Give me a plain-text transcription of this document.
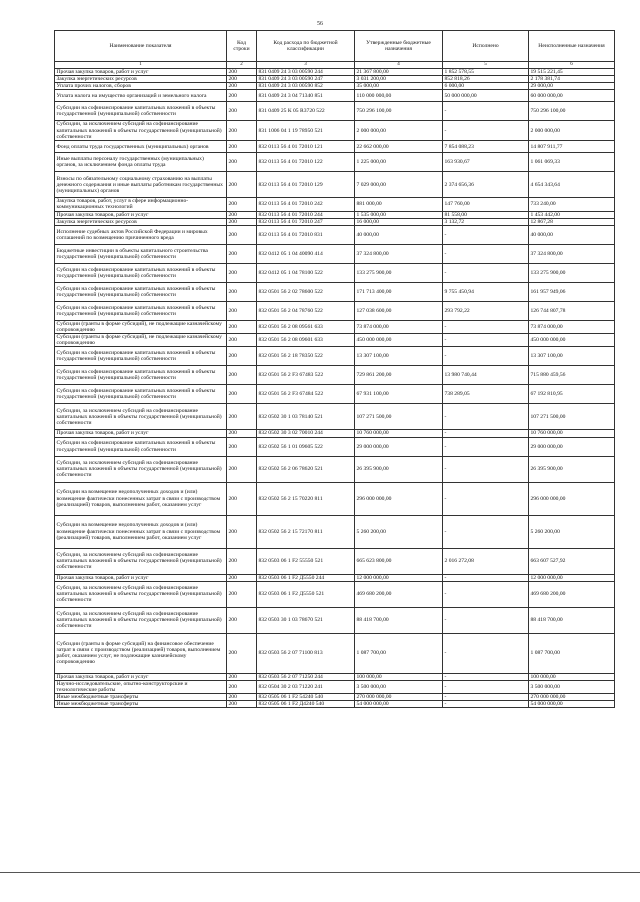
56
Наименование показателя	Код строки	Код расхода по бюджетной классификации	Утвержденные бюджетные назначения	Исполнено	Неисполненные назначения
1	2	3	4	5	6
Прочая закупка товаров, работ и услуг	200	831 0409 24 3 03 00590 244	21 367 800,00	1 852 578,55	19 515 221,45
Закупка энергетических ресурсов	200	831 0409 24 3 03 00590 247	3 031 200,00	852 818,26	2 178 381,74
Уплата прочих налогов, сборов	200	831 0409 24 3 03 00590 852	35 000,00	6 000,00	29 000,00
Уплата налога на имущество организаций и земельного налога	200	831 0409 24 3 04 71340 851	110 000 000,00	50 000 000,00	60 000 000,00
Субсидии на софинансирование капитальных вложений в объекты государственной (муниципальной) собственности	200	831 0409 25 К 05 R3720 522	750 296 100,00	-	750 296 100,00
Субсидии, за исключением субсидий на софинансирование капитальных вложений в объекты государственной (муниципальной) собственности	200	831 1006 04 1 19 78950 521	2 000 000,00	-	2 000 000,00
Фонд оплаты труда государственных (муниципальных) органов	200	832 0113 56 4 01 72010 121	22 662 000,00	7 854 088,23	14 807 911,77
Иные выплаты персоналу государственных (муниципальных) органов, за исключением фонда оплаты труда	200	832 0113 56 4 01 72010 122	1 225 000,00	163 930,67	1 061 069,33
Взносы по обязательному социальному страхованию на выплаты денежного содержания и иные выплаты работникам государственных (муниципальных) органов	200	832 0113 56 4 01 72010 129	7 029 000,00	2 374 656,36	4 654 343,64
Закупка товаров, работ, услуг в сфере информационно-коммуникационных технологий	200	832 0113 56 4 01 72010 242	881 000,00	147 760,00	733 240,00
Прочая закупка товаров, работ и услуг	200	832 0113 56 4 01 72010 244	1 535 000,00	81 558,00	1 453 442,00
Закупка энергетических ресурсов	200	832 0113 56 4 01 72010 247	16 000,00	3 132,72	12 867,28
Исполнение судебных актов Российской Федерации и мировых соглашений по возмещению причиненного вреда	200	832 0113 56 4 01 72010 831	40 000,00	-	40 000,00
Бюджетные инвестиции в объекты капитального строительства государственной (муниципальной) собственности	200	832 0412 05 1 04 40090 414	37 324 800,00	-	37 324 800,00
Субсидии на софинансирование капитальных вложений в объекты государственной (муниципальной) собственности	200	832 0412 05 1 04 78100 522	133 275 900,00	-	133 275 900,00
Субсидии на софинансирование капитальных вложений в объекты государственной (муниципальной) собственности	200	832 0501 56 2 02 78600 522	171 713 400,00	9 755 450,94	161 957 949,06
Субсидии на софинансирование капитальных вложений в объекты государственной (муниципальной) собственности	200	832 0501 56 2 04 78760 522	127 038 600,00	293 792,22	126 744 807,78
Субсидии (гранты в форме субсидий), не подлежащие казначейскому сопровождению	200	832 0501 56 2 08 09561 633	73 874 000,00	-	73 874 000,00
Субсидии (гранты в форме субсидий), не подлежащие казначейскому сопровождению	200	832 0501 56 2 08 09601 633	450 000 000,00	-	450 000 000,00
Субсидии на софинансирование капитальных вложений в объекты государственной (муниципальной) собственности	200	832 0501 56 2 18 78350 522	13 307 100,00	-	13 307 100,00
Субсидии на софинансирование капитальных вложений в объекты государственной (муниципальной) собственности	200	832 0501 56 2 F3 67483 522	729 861 200,00	13 980 740,44	715 880 459,56
Субсидии на софинансирование капитальных вложений в объекты государственной (муниципальной) собственности	200	832 0501 56 2 F3 67484 522	67 931 100,00	738 289,05	67 192 810,95
Субсидии, за исключением субсидий на софинансирование капитальных вложений в объекты государственной (муниципальной) собственности	200	832 0502 30 1 03 78140 521	107 271 500,00	-	107 271 500,00
Прочая закупка товаров, работ и услуг	200	832 0502 30 3 02 70010 244	10 760 000,00	-	10 760 000,00
Субсидии на софинансирование капитальных вложений в объекты государственной (муниципальной) собственности	200	832 0502 56 1 01 09605 522	29 000 000,00	-	29 000 000,00
Субсидии, за исключением субсидий на софинансирование капитальных вложений в объекты государственной (муниципальной) собственности	200	832 0502 56 2 06 78620 521	26 395 900,00	-	26 395 900,00
Субсидии на возмещение недополученных доходов и (или) возмещение фактически понесенных затрат в связи с производством (реализацией) товаров, выполнением работ, оказанием услуг	200	832 0502 56 2 15 70220 811	296 000 000,00	-	296 000 000,00
Субсидии на возмещение недополученных доходов и (или) возмещение фактически понесенных затрат в связи с производством (реализацией) товаров, выполнением работ, оказанием услуг	200	832 0502 56 2 15 72170 811	5 260 200,00	-	5 260 200,00
Субсидии, за исключением субсидий на софинансирование капитальных вложений в объекты государственной (муниципальной) собственности	200	832 0503 06 1 F2 55550 521	665 623 800,00	2 016 272,08	663 607 527,92
Прочая закупка товаров, работ и услуг	200	832 0503 06 1 F2 Д5550 244	12 000 000,00	-	12 000 000,00
Субсидии, за исключением субсидий на софинансирование капитальных вложений в объекты государственной (муниципальной) собственности	200	832 0503 06 1 F2 Д5550 521	469 680 200,00	-	469 680 200,00
Субсидии, за исключением субсидий на софинансирование капитальных вложений в объекты государственной (муниципальной) собственности	200	832 0503 30 1 03 78670 521	88 418 700,00	-	88 418 700,00
Субсидии (гранты в форме субсидий) на финансовое обеспечение затрат в связи с производством (реализацией) товаров, выполнением работ, оказанием услуг, не подлежащие казначейскому сопровождению	200	832 0503 56 2 07 71100 813	1 087 700,00	-	1 087 700,00
Прочая закупка товаров, работ и услуг	200	832 0503 56 2 07 71250 244	100 000,00	-	100 000,00
Научно-исследовательские, опытно-конструкторские и технологические работы	200	832 0504 30 2 03 71220 241	3 500 000,00	-	3 500 000,00
Иные межбюджетные трансферты	200	832 0505 06 1 F2 54240 540	270 000 000,00	-	270 000 000,00
Иные межбюджетные трансферты	200	832 0505 06 1 F2 Д4240 540	54 000 000,00	-	54 000 000,00
